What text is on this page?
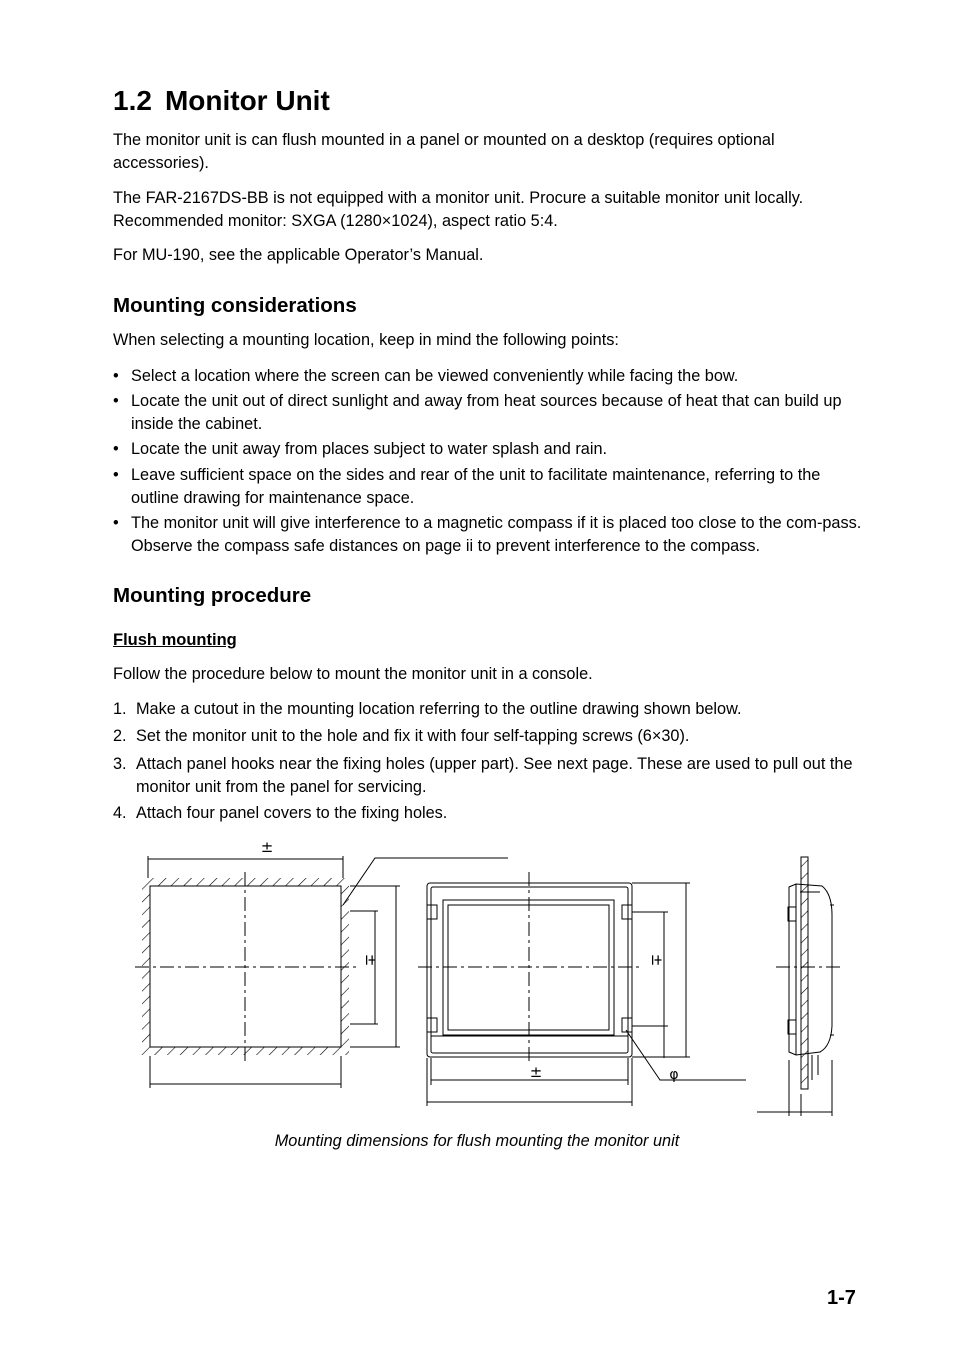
1.2 Monitor Unit

The monitor unit is can flush mounted in a panel or mounted on a desktop (requires optional accessories).

The FAR-2167DS-BB is not equipped with a monitor unit. Procure a suitable monitor unit locally. Recommended monitor: SXGA (1280×1024), aspect ratio 5:4.

For MU-190, see the applicable Operator’s Manual.

Mounting considerations

When selecting a mounting location, keep in mind the following points:

• Select a location where the screen can be viewed conveniently while facing the bow.
• Locate the unit out of direct sunlight and away from heat sources because of heat that can build up inside the cabinet.
• Locate the unit away from places subject to water splash and rain.
• Leave sufficient space on the sides and rear of the unit to facilitate maintenance, referring to the outline drawing for maintenance space.
• The monitor unit will give interference to a magnetic compass if it is placed too close to the com-pass. Observe the compass safe distances on page ii to prevent interference to the compass.
Mounting procedure
Flush mounting

Follow the procedure below to mount the monitor unit in a console.

1. Make a cutout in the mounting location referring to the outline drawing shown below.
2. Set the monitor unit to the hole and fix it with four self-tapping screws (6×30).
3. Attach panel hooks near the fixing holes (upper part). See next page. These are used to pull out the monitor unit from the panel for servicing.
4. Attach four panel covers to the fixing holes.
±
±
±
±
φ
Mounting dimensions for flush mounting the monitor unit
1-7
